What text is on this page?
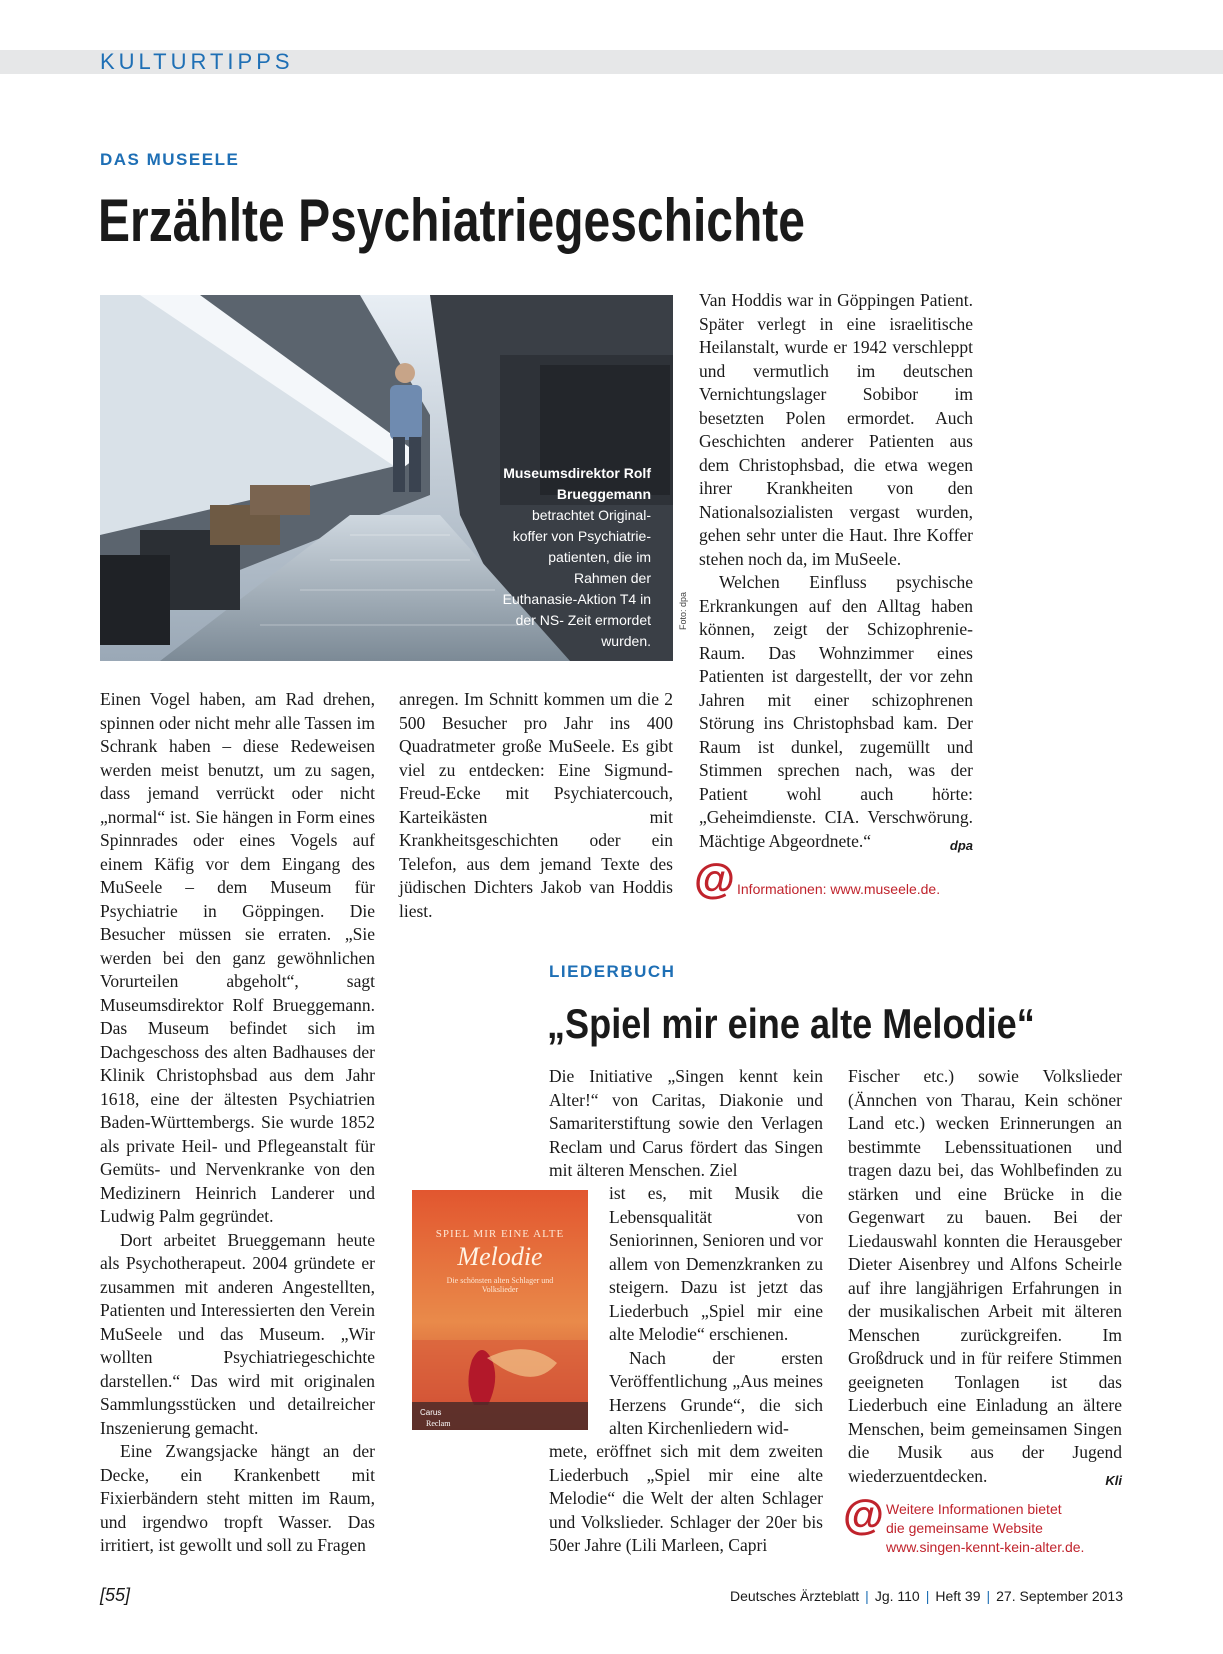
KULTURTIPPS
DAS MUSEELE
Erzählte Psychiatriegeschichte
Museumsdirektor Rolf Brueggemann betrachtet Original-koffer von Psychiatrie-patienten, die im Rahmen der Euthanasie-Aktion T4 in der NS- Zeit ermordet wurden.
Foto: dpa

Einen Vogel haben, am Rad drehen, spinnen oder nicht mehr alle Tassen im Schrank haben – diese Redeweisen werden meist benutzt, um zu sagen, dass jemand verrückt oder nicht „normal“ ist. Sie hängen in Form eines Spinnrades oder eines Vogels auf einem Käfig vor dem Eingang des MuSeele – dem Museum für Psychiatrie in Göppingen. Die Besucher müssen sie erraten. „Sie werden bei den ganz gewöhnlichen Vorurteilen abgeholt“, sagt Museumsdirektor Rolf Brueggemann. Das Museum befindet sich im Dachgeschoss des alten Badhauses der Klinik Christophsbad aus dem Jahr 1618, eine der ältesten Psychiatrien Baden-Württembergs. Sie wurde 1852 als private Heil- und Pflegeanstalt für Gemüts- und Nervenkranke von den Medizinern Heinrich Landerer und Ludwig Palm gegründet.

Dort arbeitet Brueggemann heute als Psychotherapeut. 2004 gründete er zusammen mit anderen Angestellten, Patienten und Interessierten den Verein MuSeele und das Museum. „Wir wollten Psychiatriegeschichte darstellen.“ Das wird mit originalen Sammlungsstücken und detailreicher Inszenierung gemacht.

Eine Zwangsjacke hängt an der Decke, ein Krankenbett mit Fixierbändern steht mitten im Raum, und irgendwo tropft Wasser. Das irritiert, ist gewollt und soll zu Fragen

anregen. Im Schnitt kommen um die 2 500 Besucher pro Jahr ins 400 Quadratmeter große MuSeele. Es gibt viel zu entdecken: Eine Sigmund-Freud-Ecke mit Psychiatercouch, Karteikästen mit Krankheitsgeschichten oder ein Telefon, aus dem jemand Texte des jüdischen Dichters Jakob van Hoddis liest.

Van Hoddis war in Göppingen Patient. Später verlegt in eine israelitische Heilanstalt, wurde er 1942 verschleppt und vermutlich im deutschen Vernichtungslager Sobibor im besetzten Polen ermordet. Auch Geschichten anderer Patienten aus dem Christophsbad, die etwa wegen ihrer Krankheiten von den Nationalsozialisten vergast wurden, gehen sehr unter die Haut. Ihre Koffer stehen noch da, im MuSeele.

Welchen Einfluss psychische Erkrankungen auf den Alltag haben können, zeigt der Schizophrenie-Raum. Das Wohnzimmer eines Patienten ist dargestellt, der vor zehn Jahren mit einer schizophrenen Störung ins Christophsbad kam. Der Raum ist dunkel, zugemüllt und Stimmen sprechen nach, was der Patient wohl auch hörte: „Geheimdienste. CIA. Verschwörung. Mächtige Abgeordnete.“	dpa

@ Informationen: www.museele.de.
LIEDERBUCH
„Spiel mir eine alte Melodie“

Die Initiative „Singen kennt kein Alter!“ von Caritas, Diakonie und Samariterstiftung sowie den Verlagen Reclam und Carus fördert das Singen mit älteren Menschen. Ziel

ist es, mit Musik die Lebensqualität von Seniorinnen, Senioren und vor allem von Demenzkranken zu steigern. Dazu ist jetzt das Liederbuch „Spiel mir eine alte Melodie“ erschienen.

Nach der ersten Veröffentlichung „Aus meines Herzens Grunde“, die sich alten Kirchenliedern wid-

mete, eröffnet sich mit dem zweiten Liederbuch „Spiel mir eine alte Melodie“ die Welt der alten Schlager und Volkslieder. Schlager der 20er bis 50er Jahre (Lili Marleen, Capri

Fischer etc.) sowie Volkslieder (Ännchen von Tharau, Kein schöner Land etc.) wecken Erinnerungen an bestimmte Lebenssituationen und tragen dazu bei, das Wohlbefinden zu stärken und eine Brücke in die Gegenwart zu bauen. Bei der Liedauswahl konnten die Herausgeber Dieter Aisenbrey und Alfons Scheirle auf ihre langjährigen Erfahrungen in der musikalischen Arbeit mit älteren Menschen zurückgreifen. Im Großdruck und in für reifere Stimmen geeigneten Tonlagen ist das Liederbuch eine Einladung an ältere Menschen, beim gemeinsamen Singen die Musik aus der Jugend wiederzuentdecken.	Kli

@ Weitere Informationen bietet
die gemeinsame Website
www.singen-kennt-kein-alter.de.
SPIEL MIR EINE ALTE
Melodie
Die schönsten alten Schlager und Volkslieder
Carus
Reclam
[55]	Deutsches Ärzteblatt | Jg. 110 | Heft 39 | 27. September 2013
